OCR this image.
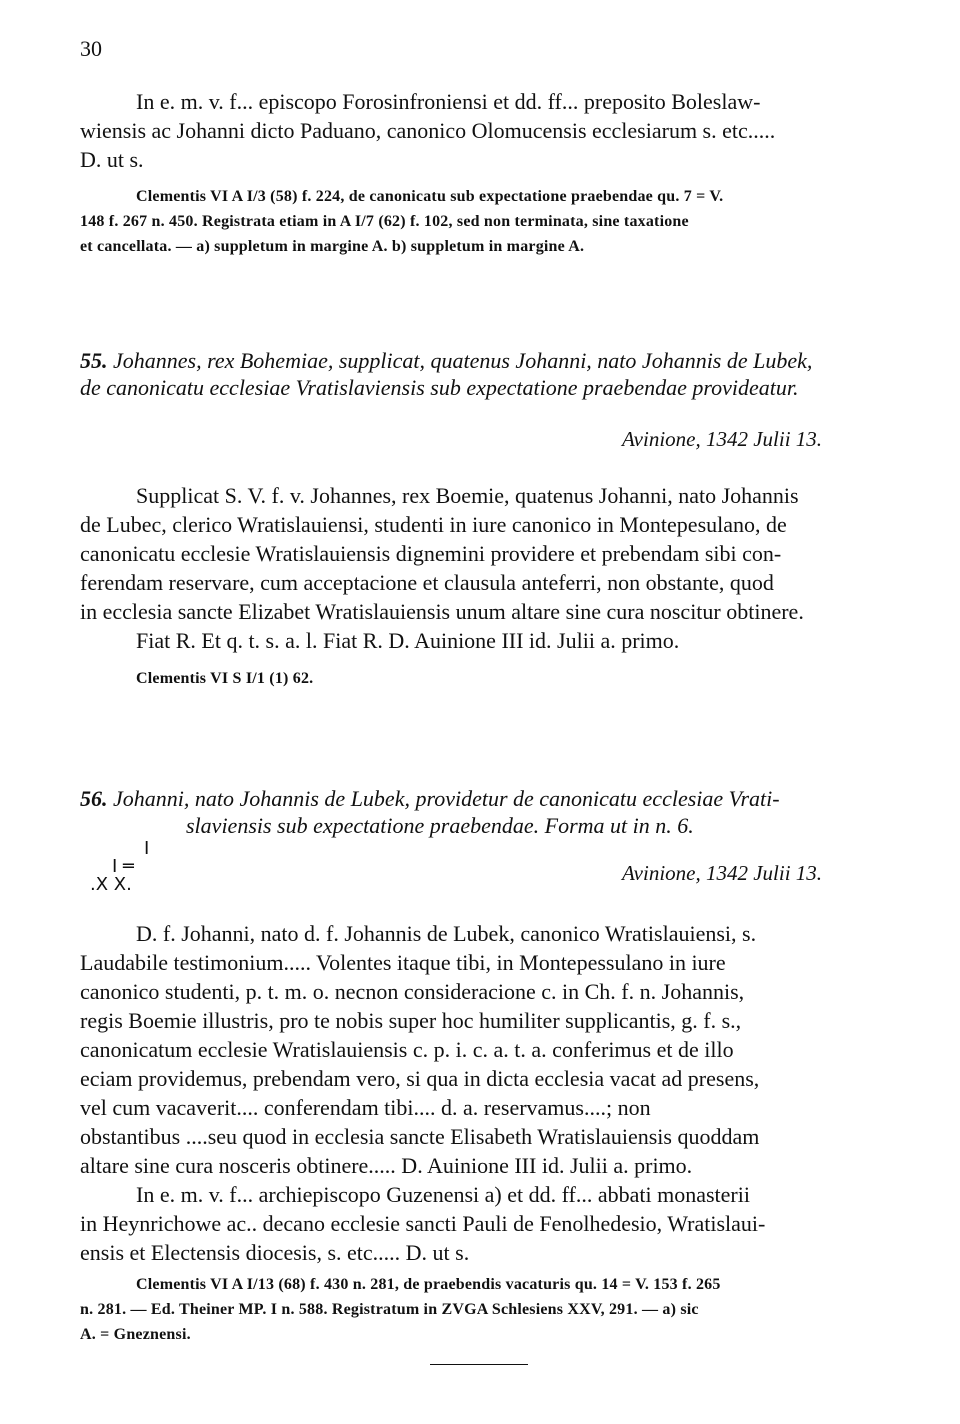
30
In e. m. v. f... episcopo Forosinfroniensi et dd. ff... preposito Boleslaw-
wiensis ac Johanni dicto Paduano, canonico Olomucensis ecclesiarum s. etc.....
D. ut s.
Clementis VI A I/3 (58) f. 224, de canonicatu sub expectatione praebendae qu. 7 = V.
148 f. 267 n. 450. Registrata etiam in A I/7 (62) f. 102, sed non terminata, sine taxatione
et cancellata. — a) suppletum in margine A. b) suppletum in margine A.
55. Johannes, rex Bohemiae, supplicat, quatenus Johanni, nato Johannis de Lubek,
de canonicatu ecclesiae Vratislaviensis sub expectatione praebendae provideatur.
Avinione, 1342 Julii 13.
Supplicat S. V. f. v. Johannes, rex Boemie, quatenus Johanni, nato Johannis
de Lubec, clerico Wratislauiensi, studenti in iure canonico in Montepesulano, de
canonicatu ecclesie Wratislauiensis dignemini providere et prebendam sibi con-
ferendam reservare, cum acceptacione et clausula anteferri, non obstante, quod
in ecclesia sancte Elizabet Wratislauiensis unum altare sine cura noscitur obtinere.
Fiat R. Et q. t. s. a. l. Fiat R. D. Auinione III id. Julii a. primo.
Clementis VI S I/1 (1) 62.
56. Johanni, nato Johannis de Lubek, providetur de canonicatu ecclesiae Vrati-
slaviensis sub expectatione praebendae. Forma ut in n. 6.
I
I ═
.X X.	Avinione, 1342 Julii 13.
D. f. Johanni, nato d. f. Johannis de Lubek, canonico Wratislauiensi, s.
Laudabile testimonium..... Volentes itaque tibi, in Montepessulano in iure
canonico studenti, p. t. m. o. necnon consideracione c. in Ch. f. n. Johannis,
regis Boemie illustris, pro te nobis super hoc humiliter supplicantis, g. f. s.,
canonicatum ecclesie Wratislauiensis c. p. i. c. a. t. a. conferimus et de illo
eciam providemus, prebendam vero, si qua in dicta ecclesia vacat ad presens,
vel cum vacaverit.... conferendam tibi.... d. a. reservamus....; non
obstantibus ....seu quod in ecclesia sancte Elisabeth Wratislauiensis quoddam
altare sine cura nosceris obtinere..... D. Auinione III id. Julii a. primo.
In e. m. v. f... archiepiscopo Guzenensi a) et dd. ff... abbati monasterii
in Heynrichowe ac.. decano ecclesie sancti Pauli de Fenolhedesio, Wratislaui-
ensis et Electensis diocesis, s. etc..... D. ut s.
Clementis VI A I/13 (68) f. 430 n. 281, de praebendis vacaturis qu. 14 = V. 153 f. 265
n. 281. — Ed. Theiner MP. I n. 588. Registratum in ZVGA Schlesiens XXV, 291. — a) sic
A. = Gneznensi.
